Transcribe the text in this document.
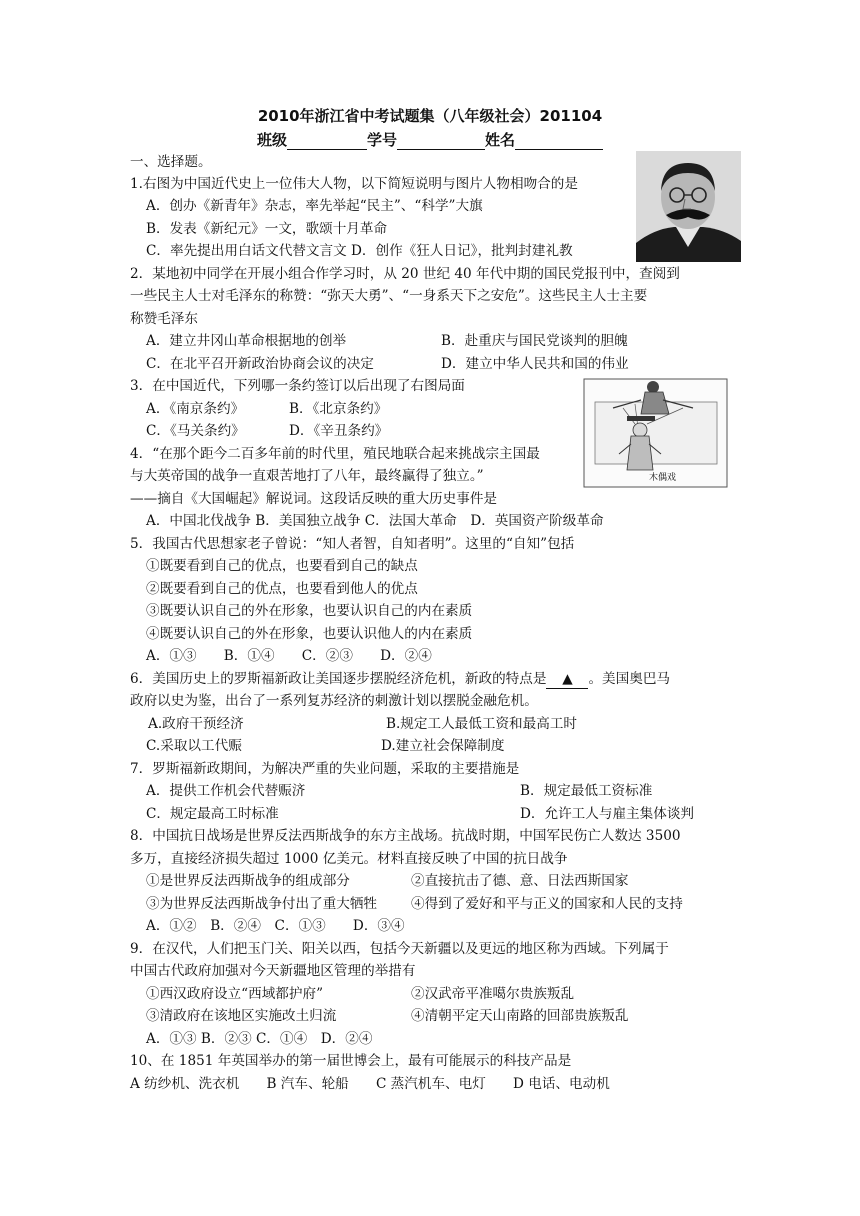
2010年浙江省中考试题集（八年级社会）201104
班级	学号	姓名
一、选择题。
1.右图为中国近代史上一位伟大人物，以下简短说明与图片人物相吻合的是
A．创办《新青年》杂志，率先举起“民主”、“科学”大旗
B．发表《新纪元》一文，歌颂十月革命
C．率先提出用白话文代替文言文 D．创作《狂人日记》，批判封建礼教
2．某地初中同学在开展小组合作学习时，从 20 世纪 40 年代中期的国民党报刊中，查阅到
一些民主人士对毛泽东的称赞：“弥天大勇”、“一身系天下之安危”。这些民主人士主要
称赞毛泽东
A．建立井冈山革命根据地的创举	B．赴重庆与国民党谈判的胆魄
C．在北平召开新政治协商会议的决定	D．建立中华人民共和国的伟业
木偶戏
3．在中国近代，下列哪一条约签订以后出现了右图局面
A．《南京条约》	B．《北京条约》
C．《马关条约》	D．《辛丑条约》
4．“在那个距今二百多年前的时代里，殖民地联合起来挑战宗主国最
与大英帝国的战争一直艰苦地打了八年，最终赢得了独立。”
——摘自《大国崛起》解说词。这段话反映的重大历史事件是
A．中国北伐战争 B．美国独立战争 C．法国大革命　D．英国资产阶级革命
5．我国古代思想家老子曾说：“知人者智，自知者明”。这里的“自知”包括
①既要看到自己的优点，也要看到自己的缺点
②既要看到自己的优点，也要看到他人的优点
③既要认识自己的外在形象，也要认识自己的内在素质
④既要认识自己的外在形象，也要认识他人的内在素质
A．①③　　B．①④　　C．②③　　D．②④
6．美国历史上的罗斯福新政让美国逐步摆脱经济危机，新政的特点是 ▲ 。美国奥巴马
政府以史为鉴，出台了一系列复苏经济的刺激计划以摆脱金融危机。
A.政府干预经济	B.规定工人最低工资和最高工时
C.采取以工代赈	D.建立社会保障制度
7．罗斯福新政期间，为解决严重的失业问题，采取的主要措施是
A．提供工作机会代替赈济	B．规定最低工资标准
C．规定最高工时标准	D．允许工人与雇主集体谈判
8．中国抗日战场是世界反法西斯战争的东方主战场。抗战时期，中国军民伤亡人数达 3500
多万，直接经济损失超过 1000 亿美元。材料直接反映了中国的抗日战争
①是世界反法西斯战争的组成部分	②直接抗击了德、意、日法西斯国家
③为世界反法西斯战争付出了重大牺牲 ④得到了爱好和平与正义的国家和人民的支持
A．①②　B．②④　C．①③　　D．③④
9．在汉代，人们把玉门关、阳关以西，包括今天新疆以及更远的地区称为西域。下列属于
中国古代政府加强对今天新疆地区管理的举措有
①西汉政府设立“西域都护府”	②汉武帝平准噶尔贵族叛乱
③清政府在该地区实施改土归流	④清朝平定天山南路的回部贵族叛乱
A．①③ B．②③ C．①④　D．②④
10、在 1851 年英国举办的第一届世博会上，最有可能展示的科技产品是
A 纺纱机、洗衣机　　B 汽车、轮船　　C 蒸汽机车、电灯　　D 电话、电动机
